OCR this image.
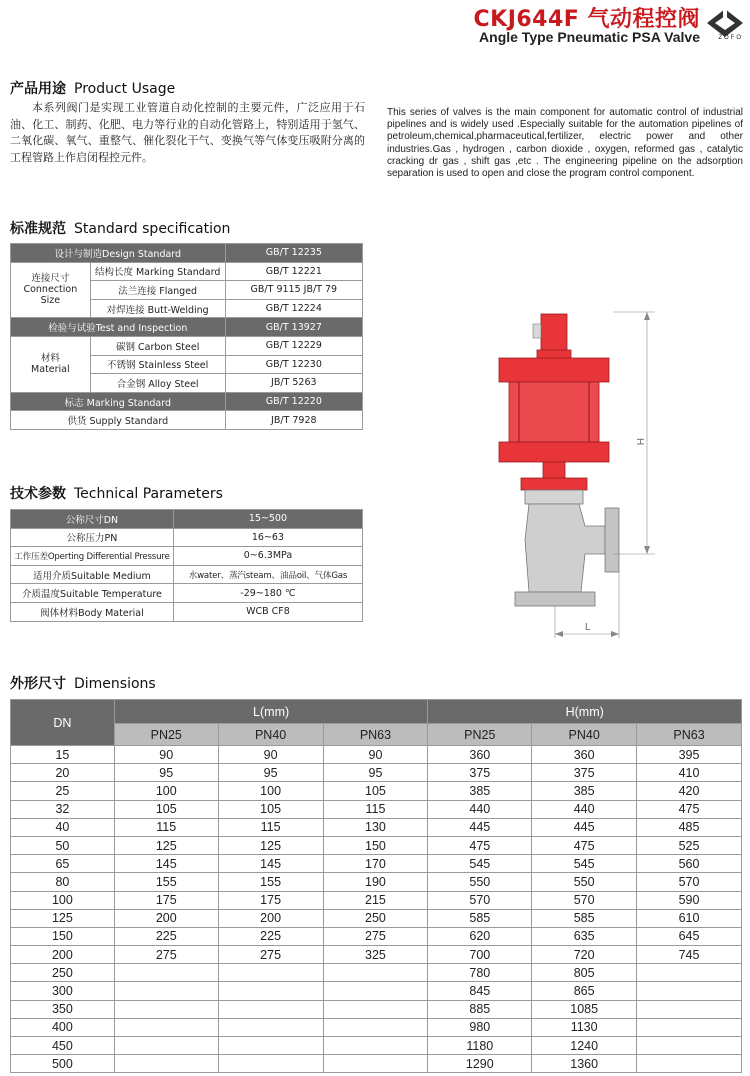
CKJ644F 气动程控阀
Angle Type Pneumatic PSA Valve	ZOFO
产品用途 Product Usage
本系列阀门是实现工业管道自动化控制的主要元件，广泛应用于石油、化工、制药、化肥、电力等行业的自动化管路上，特别适用于氢气、二氧化碳、氧气、重整气、催化裂化干气、变换气等气体变压吸附分离的工程管路上作启闭程控元件。
This series of valves is the main component for automatic control of industrial pipelines and is widely used .Especially suitable for the automation pipelines of petroleum,chemical,pharmaceutical,fertilizer, electric power and other industries.Gas , hydrogen , carbon dioxide , oxygen, reformed gas , catalytic cracking dr gas , shift gas ,etc . The engineering pipeline on the adsorption separation is used to open and close the program control component.
标准规范 Standard specification
设计与制造Design Standard		GB/T 12235
连接尺寸
Connection Size	结构长度 Marking Standard	GB/T 12221
	法兰连接 Flanged	GB/T 9115 JB/T 79
	对焊连接 Butt-Welding	GB/T 12224
检验与试验Test and Inspection		GB/T 13927
材料
Material	碳钢 Carbon Steel	GB/T 12229
	不锈钢 Stainless Steel	GB/T 12230
	合金钢 Alloy Steel	JB/T 5263
标志 Marking Standard		GB/T 12220
供货 Supply Standard		JB/T 7928
技术参数 Technical Parameters
公称尺寸DN	15~500
公称压力PN	16~63
工作压差Operting Differential Pressure	0~6.3MPa
适用介质Suitable Medium	水water、蒸汽steam、油品oil、气体Gas
介质温度Suitable Temperature	-29~180 ℃
阀体材料Body Material	WCB CF8
H
L
外形尺寸 Dimensions
DN	L(mm)			H(mm)		
	PN25	PN40	PN63	PN25	PN40	PN63
15	90	90	90	360	360	395
20	95	95	95	375	375	410
25	100	100	105	385	385	420
32	105	105	115	440	440	475
40	115	115	130	445	445	485
50	125	125	150	475	475	525
65	145	145	170	545	545	560
80	155	155	190	550	550	570
100	175	175	215	570	570	590
125	200	200	250	585	585	610
150	225	225	275	620	635	645
200	275	275	325	700	720	745
250				780	805	
300				845	865	
350				885	1085	
400				980	1130	
450				1180	1240	
500				1290	1360	
